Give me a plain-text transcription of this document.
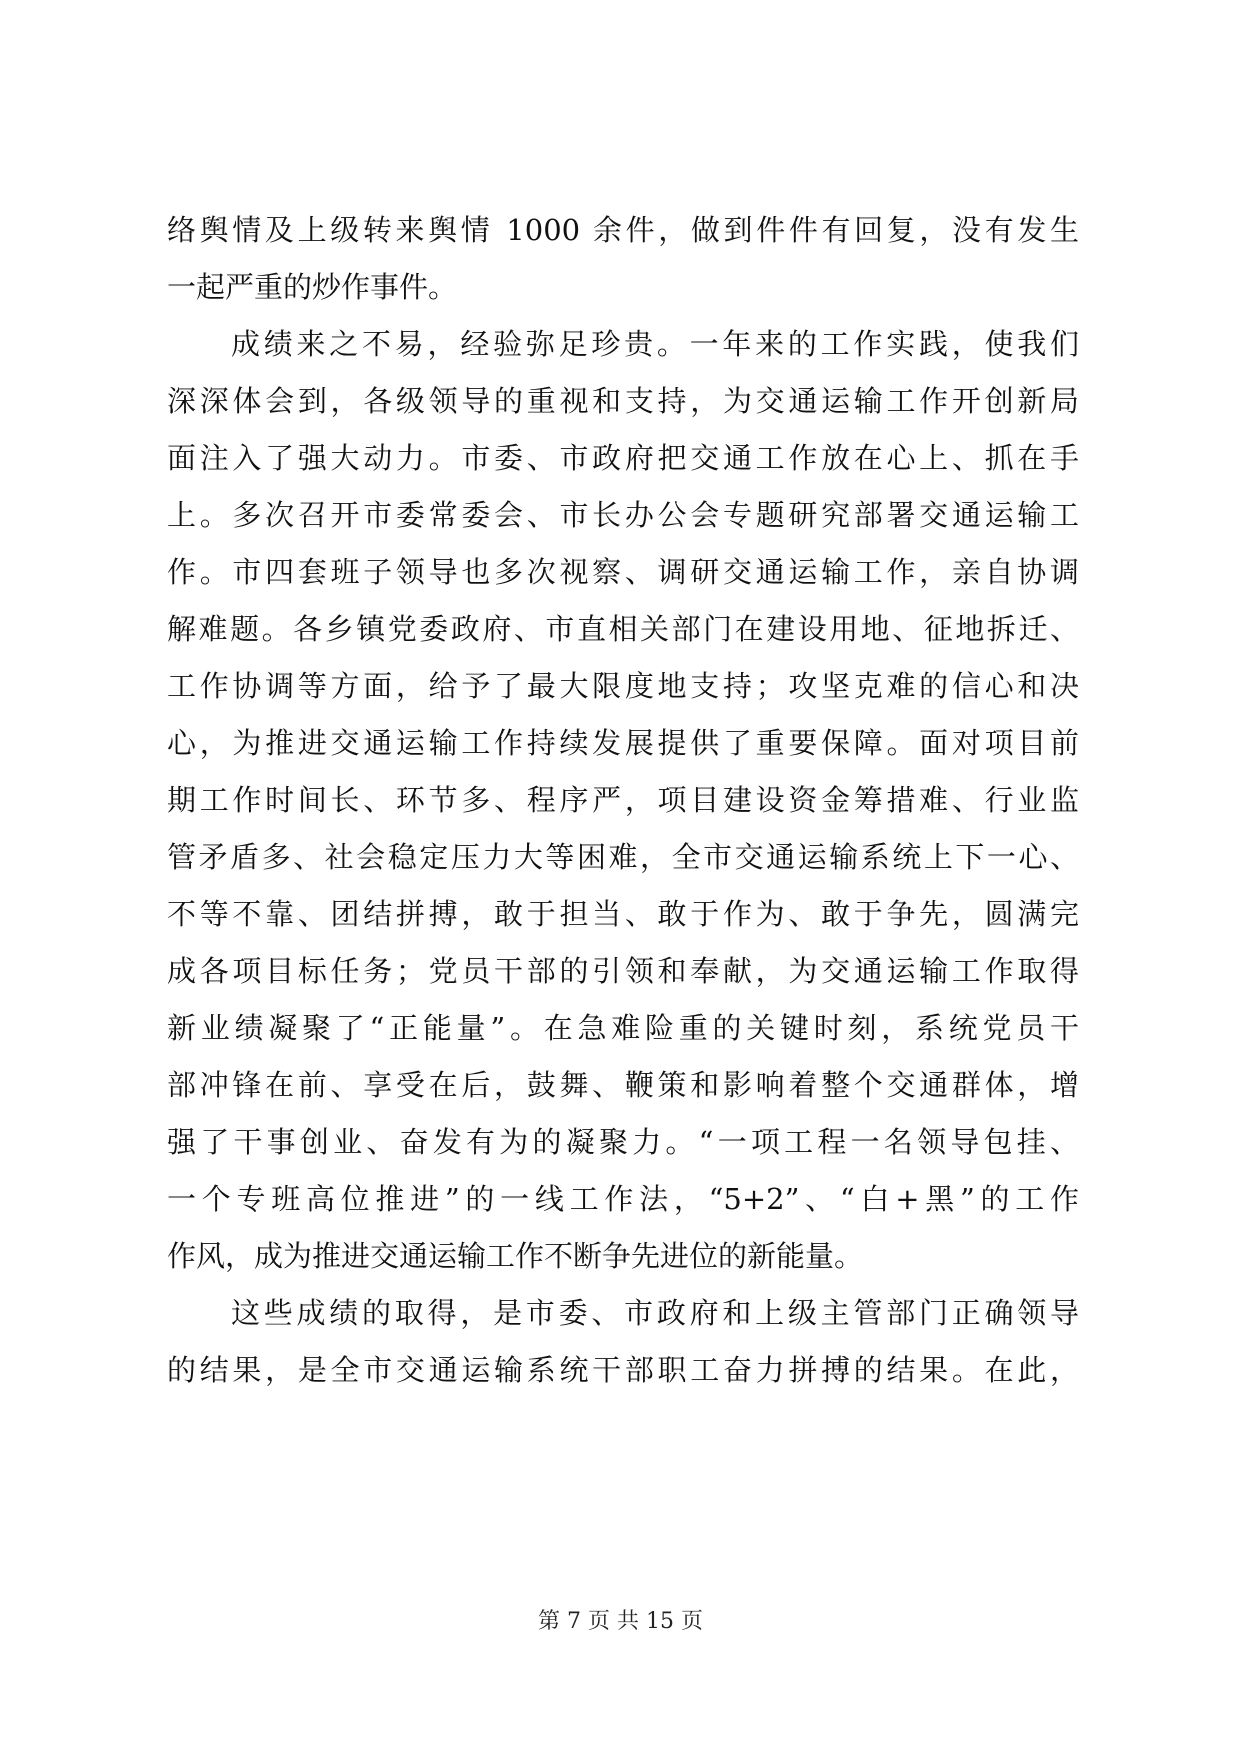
络舆情及上级转来舆情 1000 余件，做到件件有回复，没有发生
一起严重的炒作事件。
成绩来之不易，经验弥足珍贵。一年来的工作实践，使我们
深深体会到，各级领导的重视和支持，为交通运输工作开创新局
面注入了强大动力。市委、市政府把交通工作放在心上、抓在手
上。多次召开市委常委会、市长办公会专题研究部署交通运输工
作。市四套班子领导也多次视察、调研交通运输工作，亲自协调
解难题。各乡镇党委政府、市直相关部门在建设用地、征地拆迁、
工作协调等方面，给予了最大限度地支持；攻坚克难的信心和决
心，为推进交通运输工作持续发展提供了重要保障。面对项目前
期工作时间长、环节多、程序严，项目建设资金筹措难、行业监
管矛盾多、社会稳定压力大等困难，全市交通运输系统上下一心、
不等不靠、团结拼搏，敢于担当、敢于作为、敢于争先，圆满完
成各项目标任务；党员干部的引领和奉献，为交通运输工作取得
新业绩凝聚了“正能量”。在急难险重的关键时刻，系统党员干
部冲锋在前、享受在后，鼓舞、鞭策和影响着整个交通群体，增
强了干事创业、奋发有为的凝聚力。“一项工程一名领导包挂、
一个专班高位推进”的一线工作法，“5+2”、“白+黑”的工作
作风，成为推进交通运输工作不断争先进位的新能量。
这些成绩的取得，是市委、市政府和上级主管部门正确领导
的结果，是全市交通运输系统干部职工奋力拼搏的结果。在此，
第 7 页 共 15 页
